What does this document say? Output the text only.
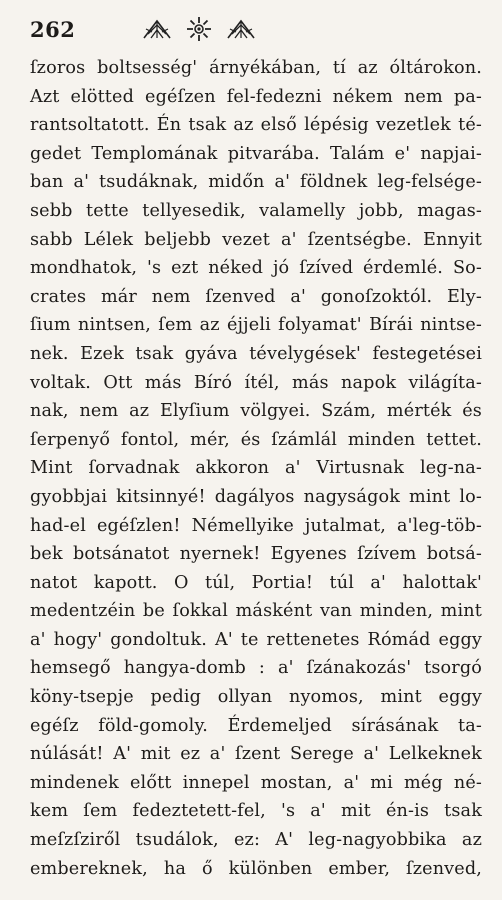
262
ſzoros boltsesség' árnyékában, tí az óltárokon.
Azt elötted egéſzen fel-fedezni nékem nem pa-
rantsoltatott. Én tsak az első lépésig vezetlek té-
gedet Templomának pitvarába. Talám e' napjai-
ban a' tsudáknak, midőn a' földnek leg-felsége-
sebb tette tellyesedik, valamelly jobb, magas-
sabb Lélek beljebb vezet a' ſzentségbe. Ennyit
mondhatok, 's ezt néked jó ſzíved érdemlé. So-
crates már nem ſzenved a' gonoſzoktól. Ely-
ſium nintsen, ſem az éjjeli folyamat' Bírái nintse-
nek. Ezek tsak gyáva tévelygések' festegetései
voltak. Ott más Bíró ítél, más napok világíta-
nak, nem az Elyſium völgyei. Szám, mérték és
ſerpenyő fontol, mér, és ſzámlál minden tettet.
Mint ſorvadnak akkoron a' Virtusnak leg-na-
gyobbjai kitsinnyé! dagályos nagyságok mint lo-
had-el egéſzlen! Némellyike jutalmat, a'leg-töb-
bek botsánatot nyernek! Egyenes ſzívem botsá-
natot kapott. O túl, Portia! túl a' halottak'
medentzéin be ſokkal másként van minden, mint
a' hogy' gondoltuk. A' te rettenetes Rómád eggy
hemsegő hangya-domb : a' ſzánakozás' tsorgó
köny-tsepje pedig ollyan nyomos, mint eggy
egéſz föld-gomoly. Érdemeljed sírásának ta-
núlását! A' mit ez a' ſzent Serege a' Lelkeknek
mindenek előtt innepel mostan, a' mi még né-
kem ſem fedeztetett-fel, 's a' mit én-is tsak
meſzſziről tsudálok, ez: A' leg-nagyobbika az
embereknek, ha ő különben ember, ſzenved,
